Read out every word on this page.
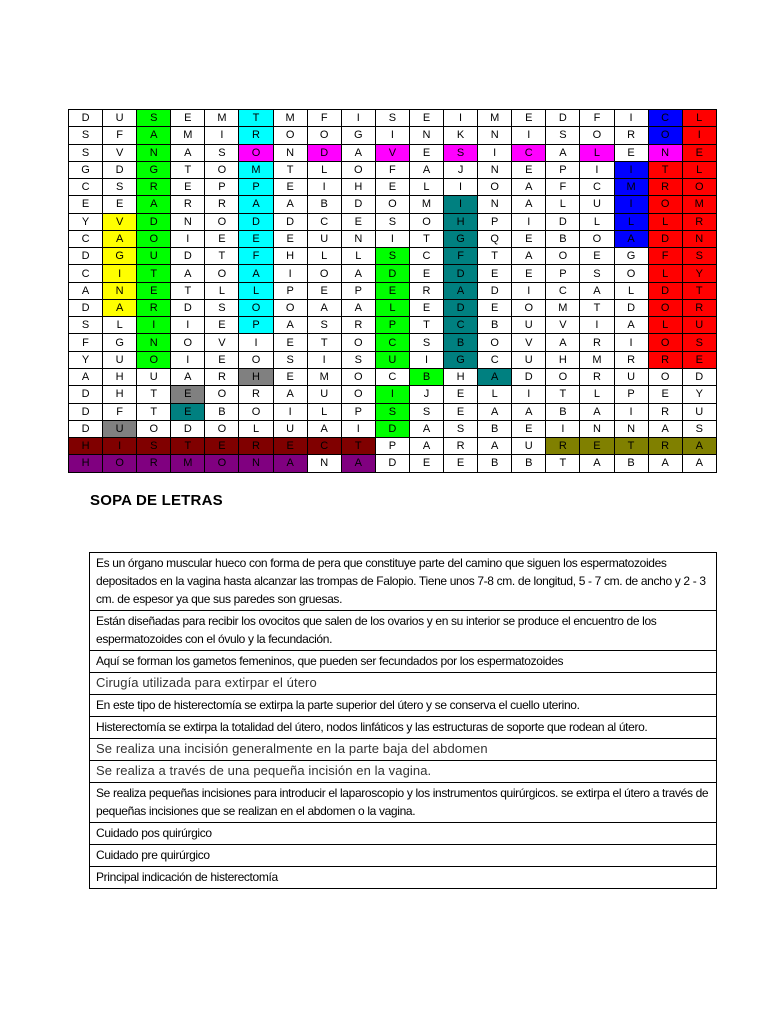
D	U	S	E	M	T	M	F	I	S	E	I	M	E	D	F	I	C	L
S	F	A	M	I	R	O	O	G	I	N	K	N	I	S	O	R	O	I
S	V	N	A	S	O	N	D	A	V	E	S	I	C	A	L	E	N	E
G	D	G	T	O	M	T	L	O	F	A	J	N	E	P	I	I	T	L
C	S	R	E	P	P	E	I	H	E	L	I	O	A	F	C	M	R	O
E	E	A	R	R	A	A	B	D	O	M	I	N	A	L	U	I	O	M
Y	V	D	N	O	D	D	C	E	S	O	H	P	I	D	L	L	L	R
C	A	O	I	E	E	E	U	N	I	T	G	Q	E	B	O	A	D	N
D	G	U	D	T	F	H	L	L	S	C	F	T	A	O	E	G	F	S
C	I	T	A	O	A	I	O	A	D	E	D	E	E	P	S	O	L	Y
A	N	E	T	L	L	P	E	P	E	R	A	D	I	C	A	L	D	T
D	A	R	D	S	O	O	A	A	L	E	D	E	O	M	T	D	O	R
S	L	I	I	E	P	A	S	R	P	T	C	B	U	V	I	A	L	U
F	G	N	O	V	I	E	T	O	C	S	B	O	V	A	R	I	O	S
Y	U	O	I	E	O	S	I	S	U	I	G	C	U	H	M	R	R	E
A	H	U	A	R	H	E	M	O	C	B	H	A	D	O	R	U	O	D
D	H	T	E	O	R	A	U	O	I	J	E	L	I	T	L	P	E	Y
D	F	T	E	B	O	I	L	P	S	S	E	A	A	B	A	I	R	U
D	U	O	D	O	L	U	A	I	D	A	S	B	E	I	N	N	A	S
H	I	S	T	E	R	E	C	T	P	A	R	A	U	R	E	T	R	A
H	O	R	M	O	N	A	N	A	D	E	E	B	B	T	A	B	A	A
SOPA DE LETRAS
Es un órgano muscular hueco con forma de pera que constituye parte del camino que siguen los espermatozoides depositados en la vagina hasta alcanzar las trompas de Falopio. Tiene unos 7-8 cm. de longitud, 5 - 7 cm. de ancho y 2 - 3 cm. de espesor ya que sus paredes son gruesas.
Están diseñadas para recibir los ovocitos que salen de los ovarios y en su interior se produce el encuentro de los espermatozoides con el óvulo y la fecundación.
Aquí se forman los gametos femeninos, que pueden ser fecundados por los espermatozoides
Cirugía utilizada para extirpar el útero
En este tipo de histerectomía se extirpa la parte superior del útero y se conserva el cuello uterino.
Histerectomía se extirpa la totalidad del útero, nodos linfáticos y las estructuras de soporte que rodean al útero.
Se realiza una incisión generalmente en la parte baja del abdomen
Se realiza a través de una pequeña incisión en la vagina.
Se realiza pequeñas incisiones para introducir el laparoscopio y los instrumentos quirúrgicos. se extirpa el útero a través de pequeñas incisiones que se realizan en el abdomen o la vagina.
Cuidado pos quirúrgico
Cuidado pre quirúrgico
Principal indicación de histerectomía
